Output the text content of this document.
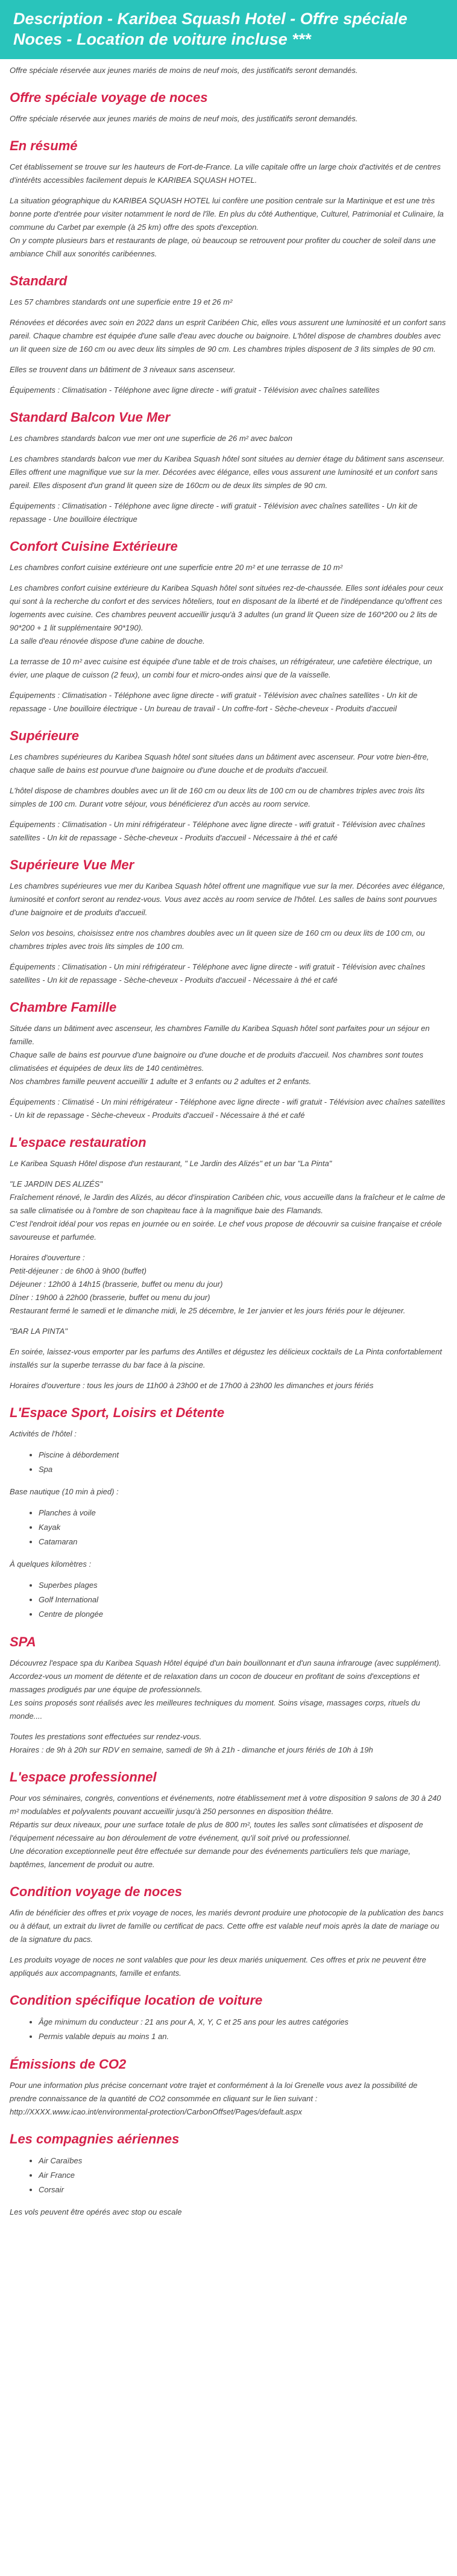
Description - Karibea Squash Hotel - Offre spéciale Noces - Location de voiture incluse ***

Offre spéciale réservée aux jeunes mariés de moins de neuf mois, des justificatifs seront demandés.

Offre spéciale voyage de noces

Offre spéciale réservée aux jeunes mariés de moins de neuf mois, des justificatifs seront demandés.

En résumé

Cet établissement se trouve sur les hauteurs de Fort-de-France. La ville capitale offre un large choix d'activités et de centres d'intérêts accessibles facilement depuis le KARIBEA SQUASH HOTEL.

La situation géographique du KARIBEA SQUASH HOTEL lui confère une position centrale sur la Martinique et est une très bonne porte d'entrée pour visiter notamment le nord de l'île. En plus du côté Authentique, Culturel, Patrimonial et Culinaire, la commune du Carbet par exemple (à 25 km) offre des spots d'exception.

On y compte plusieurs bars et restaurants de plage, où beaucoup se retrouvent pour profiter du coucher de soleil dans une ambiance Chill aux sonorités caribéennes.

Standard

Les 57 chambres standards ont une superficie entre 19 et 26 m²

Rénovées et décorées avec soin en 2022 dans un esprit Caribéen Chic, elles vous assurent une luminosité et un confort sans pareil. Chaque chambre est équipée d'une salle d'eau avec douche ou baignoire. L'hôtel dispose de chambres doubles avec un lit queen size de 160 cm ou avec deux lits simples de 90 cm. Les chambres triples disposent de 3 lits simples de 90 cm.

Elles se trouvent dans un bâtiment de 3 niveaux sans ascenseur.

Équipements : Climatisation - Téléphone avec ligne directe - wifi gratuit - Télévision avec chaînes satellites

Standard Balcon Vue Mer

Les chambres standards balcon vue mer ont une superficie de 26 m² avec balcon

Les chambres standards balcon vue mer du Karibea Squash hôtel sont situées au dernier étage du bâtiment sans ascenseur. Elles offrent une magnifique vue sur la mer. Décorées avec élégance, elles vous assurent une luminosité et un confort sans pareil. Elles disposent d'un grand lit queen size de 160cm ou de deux lits simples de 90 cm.

Équipements : Climatisation - Téléphone avec ligne directe - wifi gratuit - Télévision avec chaînes satellites - Un kit de repassage - Une bouilloire électrique

Confort Cuisine Extérieure

Les chambres confort cuisine extérieure ont une superficie entre 20 m² et une terrasse de 10 m²

Les chambres confort cuisine extérieure du Karibea Squash hôtel sont situées rez-de-chaussée. Elles sont idéales pour ceux qui sont à la recherche du confort et des services hôteliers, tout en disposant de la liberté et de l'indépendance qu'offrent ces logements avec cuisine. Ces chambres peuvent accueillir jusqu'à 3 adultes (un grand lit Queen size de 160*200 ou 2 lits de 90*200 + 1 lit supplémentaire 90*190).

La salle d'eau rénovée dispose d'une cabine de douche.

La terrasse de 10 m² avec cuisine est équipée d'une table et de trois chaises, un réfrigérateur, une cafetière électrique, un évier, une plaque de cuisson (2 feux), un combi four et micro-ondes ainsi que de la vaisselle.

Équipements : Climatisation - Téléphone avec ligne directe - wifi gratuit - Télévision avec chaînes satellites - Un kit de repassage - Une bouilloire électrique - Un bureau de travail - Un coffre-fort - Sèche-cheveux - Produits d'accueil

Supérieure

Les chambres supérieures du Karibea Squash hôtel sont situées dans un bâtiment avec ascenseur. Pour votre bien-être, chaque salle de bains est pourvue d'une baignoire ou d'une douche et de produits d'accueil.

L'hôtel dispose de chambres doubles avec un lit de 160 cm ou deux lits de 100 cm ou de chambres triples avec trois lits simples de 100 cm. Durant votre séjour, vous bénéficierez d'un accès au room service.

Équipements : Climatisation - Un mini réfrigérateur - Téléphone avec ligne directe - wifi gratuit - Télévision avec chaînes satellites - Un kit de repassage - Sèche-cheveux - Produits d'accueil - Nécessaire à thé et café

Supérieure Vue Mer

Les chambres supérieures vue mer du Karibea Squash hôtel offrent une magnifique vue sur la mer. Décorées avec élégance, luminosité et confort seront au rendez-vous. Vous avez accès au room service de l'hôtel. Les salles de bains sont pourvues d'une baignoire et de produits d'accueil.

Selon vos besoins, choisissez entre nos chambres doubles avec un lit queen size de 160 cm ou deux lits de 100 cm, ou chambres triples avec trois lits simples de 100 cm.

Équipements : Climatisation - Un mini réfrigérateur - Téléphone avec ligne directe - wifi gratuit - Télévision avec chaînes satellites - Un kit de repassage - Sèche-cheveux - Produits d'accueil - Nécessaire à thé et café

Chambre Famille

Située dans un bâtiment avec ascenseur, les chambres Famille du Karibea Squash hôtel sont parfaites pour un séjour en famille.

Chaque salle de bains est pourvue d'une baignoire ou d'une douche et de produits d'accueil. Nos chambres sont toutes climatisées et équipées de deux lits de 140 centimètres.

Nos chambres famille peuvent accueillir 1 adulte et 3 enfants ou 2 adultes et 2 enfants.

Équipements : Climatisé - Un mini réfrigérateur - Téléphone avec ligne directe - wifi gratuit - Télévision avec chaînes satellites - Un kit de repassage - Sèche-cheveux - Produits d'accueil - Nécessaire à thé et café

L'espace restauration

Le Karibea Squash Hôtel dispose d'un restaurant, " Le Jardin des Alizés" et un bar "La Pinta"

"LE JARDIN DES ALIZÉS"

Fraîchement rénové, le Jardin des Alizés, au décor d'inspiration Caribéen chic, vous accueille dans la fraîcheur et le calme de sa salle climatisée ou à l'ombre de son chapiteau face à la magnifique baie des Flamands.

C'est l'endroit idéal pour vos repas en journée ou en soirée. Le chef vous propose de découvrir sa cuisine française et créole savoureuse et parfumée.

Horaires d'ouverture :

Petit-déjeuner : de 6h00 à 9h00 (buffet)

Déjeuner : 12h00 à 14h15 (brasserie, buffet ou menu du jour)

Dîner : 19h00 à 22h00 (brasserie, buffet ou menu du jour)

Restaurant fermé le samedi et le dimanche midi, le 25 décembre, le 1er janvier et les jours fériés pour le déjeuner.

"BAR LA PINTA"

En soirée, laissez-vous emporter par les parfums des Antilles et dégustez les délicieux cocktails de La Pinta confortablement installés sur la superbe terrasse du bar face à la piscine.

Horaires d'ouverture : tous les jours de 11h00 à 23h00 et de 17h00 à 23h00 les dimanches et jours fériés

L'Espace Sport, Loisirs et Détente

Activités de l'hôtel :

• Piscine à débordement
• Spa

Base nautique (10 min à pied) :

• Planches à voile
• Kayak
• Catamaran

À quelques kilomètres :

• Superbes plages
• Golf International
• Centre de plongée
SPA

Découvrez l'espace spa du Karibea Squash Hôtel équipé d'un bain bouillonnant et d'un sauna infrarouge (avec supplément). Accordez-vous un moment de détente et de relaxation dans un cocon de douceur en profitant de soins d'exceptions et massages prodigués par une équipe de professionnels.

Les soins proposés sont réalisés avec les meilleures techniques du moment. Soins visage, massages corps, rituels du monde....

Toutes les prestations sont effectuées sur rendez-vous.

Horaires : de 9h à 20h sur RDV en semaine, samedi de 9h à 21h - dimanche et jours fériés de 10h à 19h

L'espace professionnel

Pour vos séminaires, congrès, conventions et événements, notre établissement met à votre disposition 9 salons de 30 à 240 m² modulables et polyvalents pouvant accueillir jusqu'à 250 personnes en disposition théâtre.

Répartis sur deux niveaux, pour une surface totale de plus de 800 m², toutes les salles sont climatisées et disposent de l'équipement nécessaire au bon déroulement de votre événement, qu'il soit privé ou professionnel.

Une décoration exceptionnelle peut être effectuée sur demande pour des événements particuliers tels que mariage, baptêmes, lancement de produit ou autre.

Condition voyage de noces

Afin de bénéficier des offres et prix voyage de noces, les mariés devront produire une photocopie de la publication des bancs ou à défaut, un extrait du livret de famille ou certificat de pacs. Cette offre est valable neuf mois après la date de mariage ou de la signature du pacs.

Les produits voyage de noces ne sont valables que pour les deux mariés uniquement. Ces offres et prix ne peuvent être appliqués aux accompagnants, famille et enfants.

Condition spécifique location de voiture
• Âge minimum du conducteur : 21 ans pour A, X, Y, C et 25 ans pour les autres catégories
• Permis valable depuis au moins 1 an.
Émissions de CO2

Pour une information plus précise concernant votre trajet et conformément à la loi Grenelle vous avez la possibilité de prendre connaissance de la quantité de CO2 consommée en cliquant sur le lien suivant :

http://XXXX.www.icao.int/environmental-protection/CarbonOffset/Pages/default.aspx

Les compagnies aériennes
• Air Caraïbes
• Air France
• Corsair

Les vols peuvent être opérés avec stop ou escale
